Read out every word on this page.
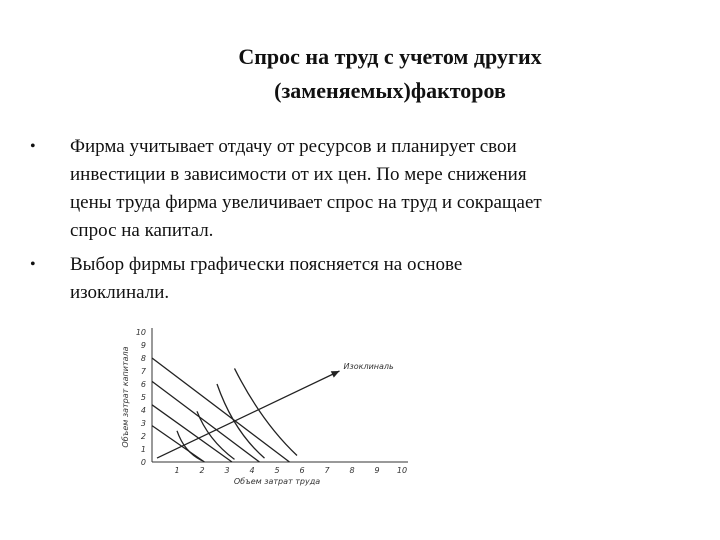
Спрос на труд с учетом других
(заменяемых)факторов
•	Фирма учитывает отдачу от ресурсов и планирует свои
инвестиции в зависимости от их цен. По мере снижения
цены труда фирма увеличивает спрос на труд и сокращает
спрос на капитал.
•	Выбор фирмы графически поясняется на основе
изоклинали.
0
1
2
3
4
5
6
7
8
9
10
1 2 3 4 5 6 7 8 9 10
Объем затрат труда
Объем затрат капитала	Изоклиналь
